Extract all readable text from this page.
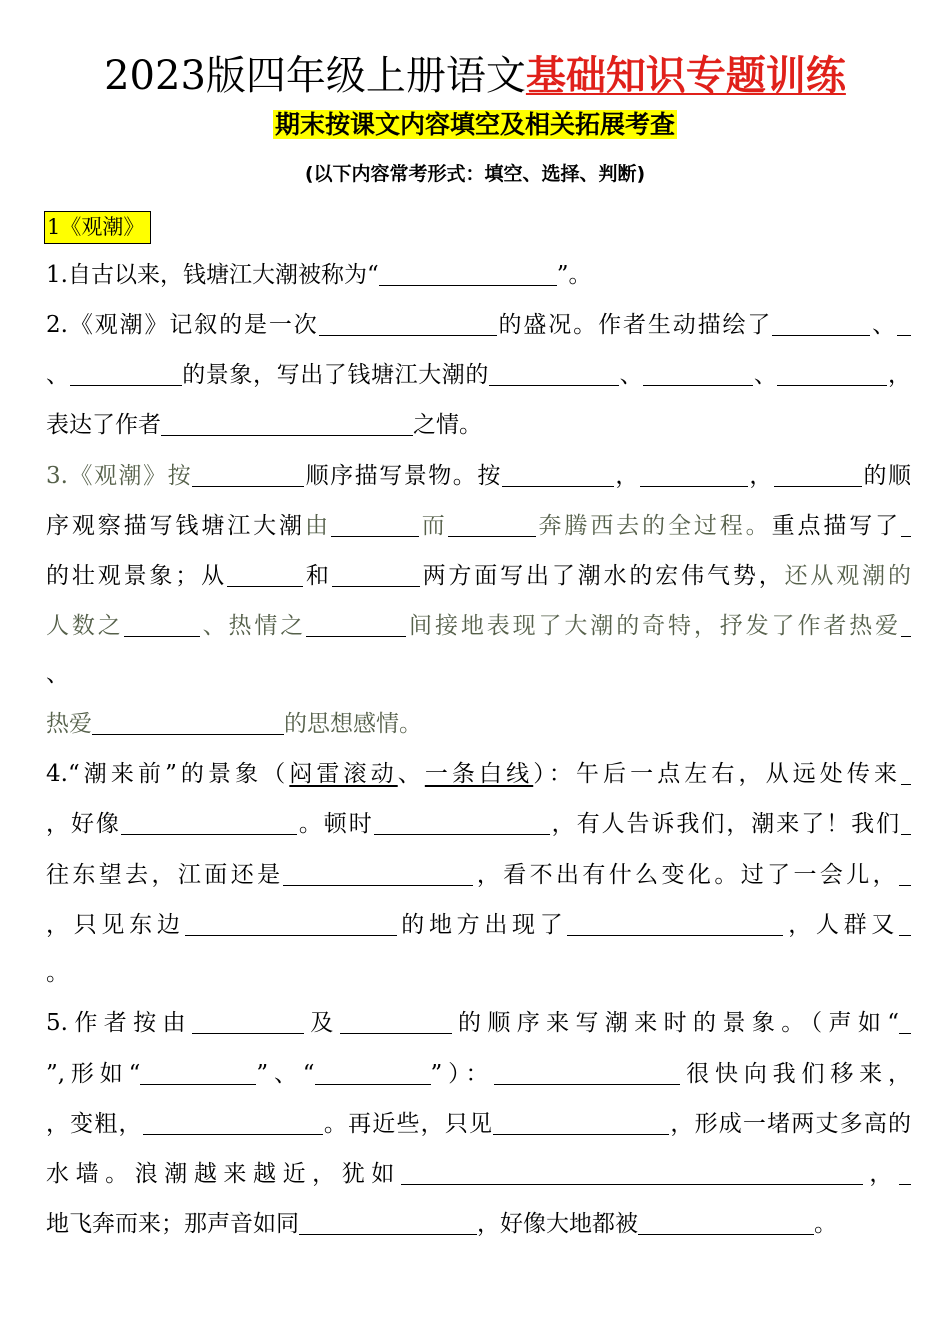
2023版四年级上册语文基础知识专题训练
期末按课文内容填空及相关拓展考查
(以下内容常考形式：填空、选择、判断)
1《观潮》
1.自古以来，钱塘江大潮被称为“	”。
2.《观潮》记叙的是一次	的盛况。作者生动描绘了	、
、	的景象，写出了钱塘江大潮的	、	、	，
表达了作者	之情。
3.《观潮》按	顺序描写景物。按	，	，	的顺
序观察描写钱塘江大潮由	而	奔腾西去的全过程。重点描写了
的壮观景象；从	和	两方面写出了潮水的宏伟气势，还从观潮的
人数之	、热情之	间接地表现了大潮的奇特，抒发了作者热爱
、
热爱	的思想感情。
4.“潮来前”的景象（闷雷滚动、一条白线）：午后一点左右，从远处传来
，好像	。顿时	，有人告诉我们，潮来了！我们
往东望去，江面还是	，看不出有什么变化。过了一会儿，
，只见东边	的地方出现了	，人群又
。
5.作者按由	及	的顺序来写潮来时的景象。（声如“
”,形如“	”、“	”）：	很快向我们移来，
，变粗，	。再近些，只见	，形成一堵两丈多高的
水墙。浪潮越来越近，犹如	，
地飞奔而来；那声音如同	，好像大地都被	。
